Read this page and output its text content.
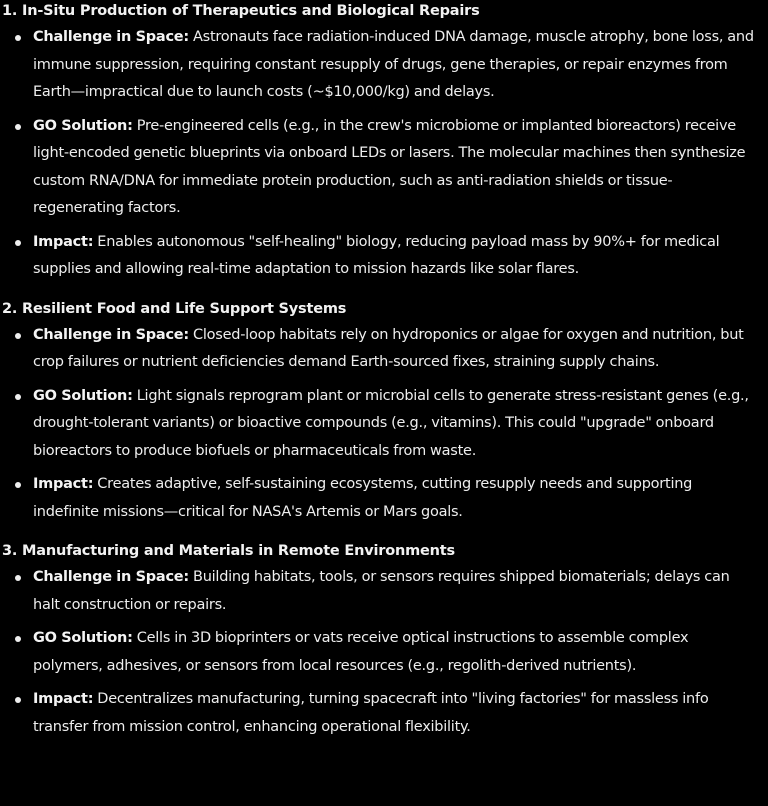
1. In-Situ Production of Therapeutics and Biological Repairs

Challenge in Space: Astronauts face radiation-induced DNA damage, muscle atrophy, bone loss, and immune suppression, requiring constant resupply of drugs, gene therapies, or repair enzymes from Earth—impractical due to launch costs (~$10,000/kg) and delays.
GO Solution: Pre-engineered cells (e.g., in the crew's microbiome or implanted bioreactors) receive light-encoded genetic blueprints via onboard LEDs or lasers. The molecular machines then synthesize custom RNA/DNA for immediate protein production, such as anti-radiation shields or tissue-regenerating factors.
Impact: Enables autonomous "self-healing" biology, reducing payload mass by 90%+ for medical supplies and allowing real-time adaptation to mission hazards like solar flares.

2. Resilient Food and Life Support Systems

Challenge in Space: Closed-loop habitats rely on hydroponics or algae for oxygen and nutrition, but crop failures or nutrient deficiencies demand Earth-sourced fixes, straining supply chains.
GO Solution: Light signals reprogram plant or microbial cells to generate stress-resistant genes (e.g., drought-tolerant variants) or bioactive compounds (e.g., vitamins). This could "upgrade" onboard bioreactors to produce biofuels or pharmaceuticals from waste.
Impact: Creates adaptive, self-sustaining ecosystems, cutting resupply needs and supporting indefinite missions—critical for NASA's Artemis or Mars goals.

3. Manufacturing and Materials in Remote Environments

Challenge in Space: Building habitats, tools, or sensors requires shipped biomaterials; delays can halt construction or repairs.
GO Solution: Cells in 3D bioprinters or vats receive optical instructions to assemble complex polymers, adhesives, or sensors from local resources (e.g., regolith-derived nutrients).
Impact: Decentralizes manufacturing, turning spacecraft into "living factories" for massless info transfer from mission control, enhancing operational flexibility.
